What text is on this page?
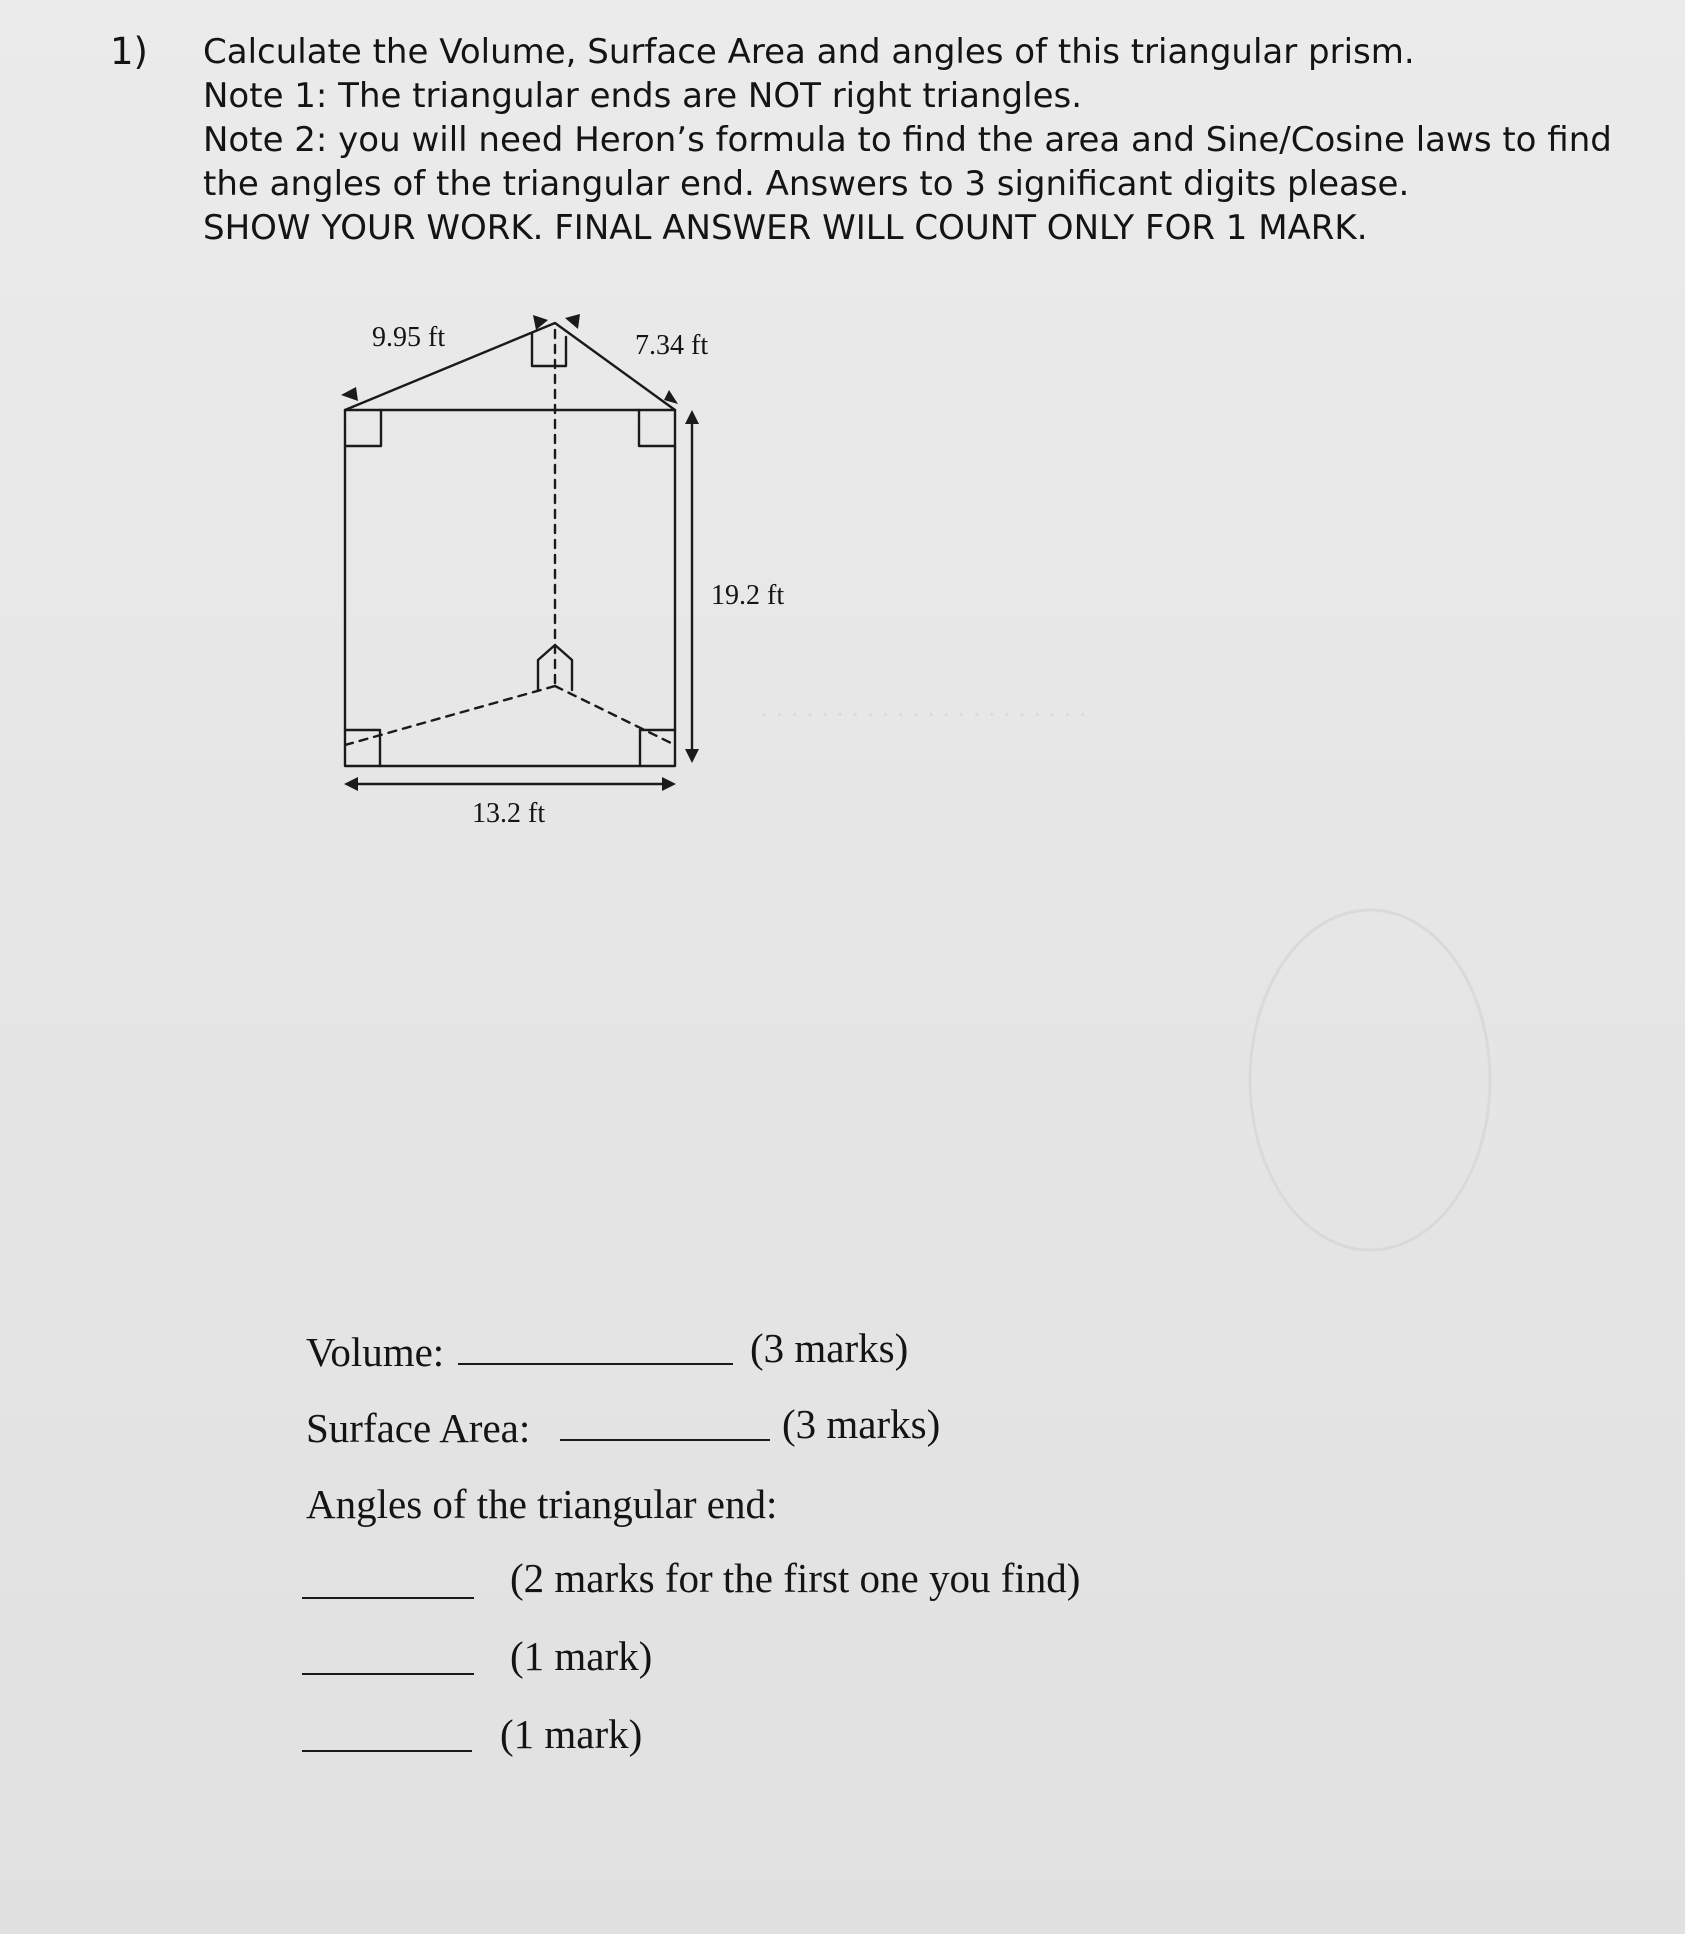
1) Calculate the Volume, Surface Area and angles of this triangular prism.
Note 1: The triangular ends are NOT right triangles.
Note 2: you will need Heron’s formula to find the area and Sine/Cosine laws to find
the angles of the triangular end. Answers to 3 significant digits please.
SHOW YOUR WORK. FINAL ANSWER WILL COUNT ONLY FOR 1 MARK.
· · · · · · · · · · · · · · · · · · · · · ·
9.95 ft	7.34 ft
19.2 ft
13.2 ft
Volume:	(3 marks)
Surface Area:	(3 marks)
Angles of the triangular end:
(2 marks for the first one you find)
(1 mark)
(1 mark)
